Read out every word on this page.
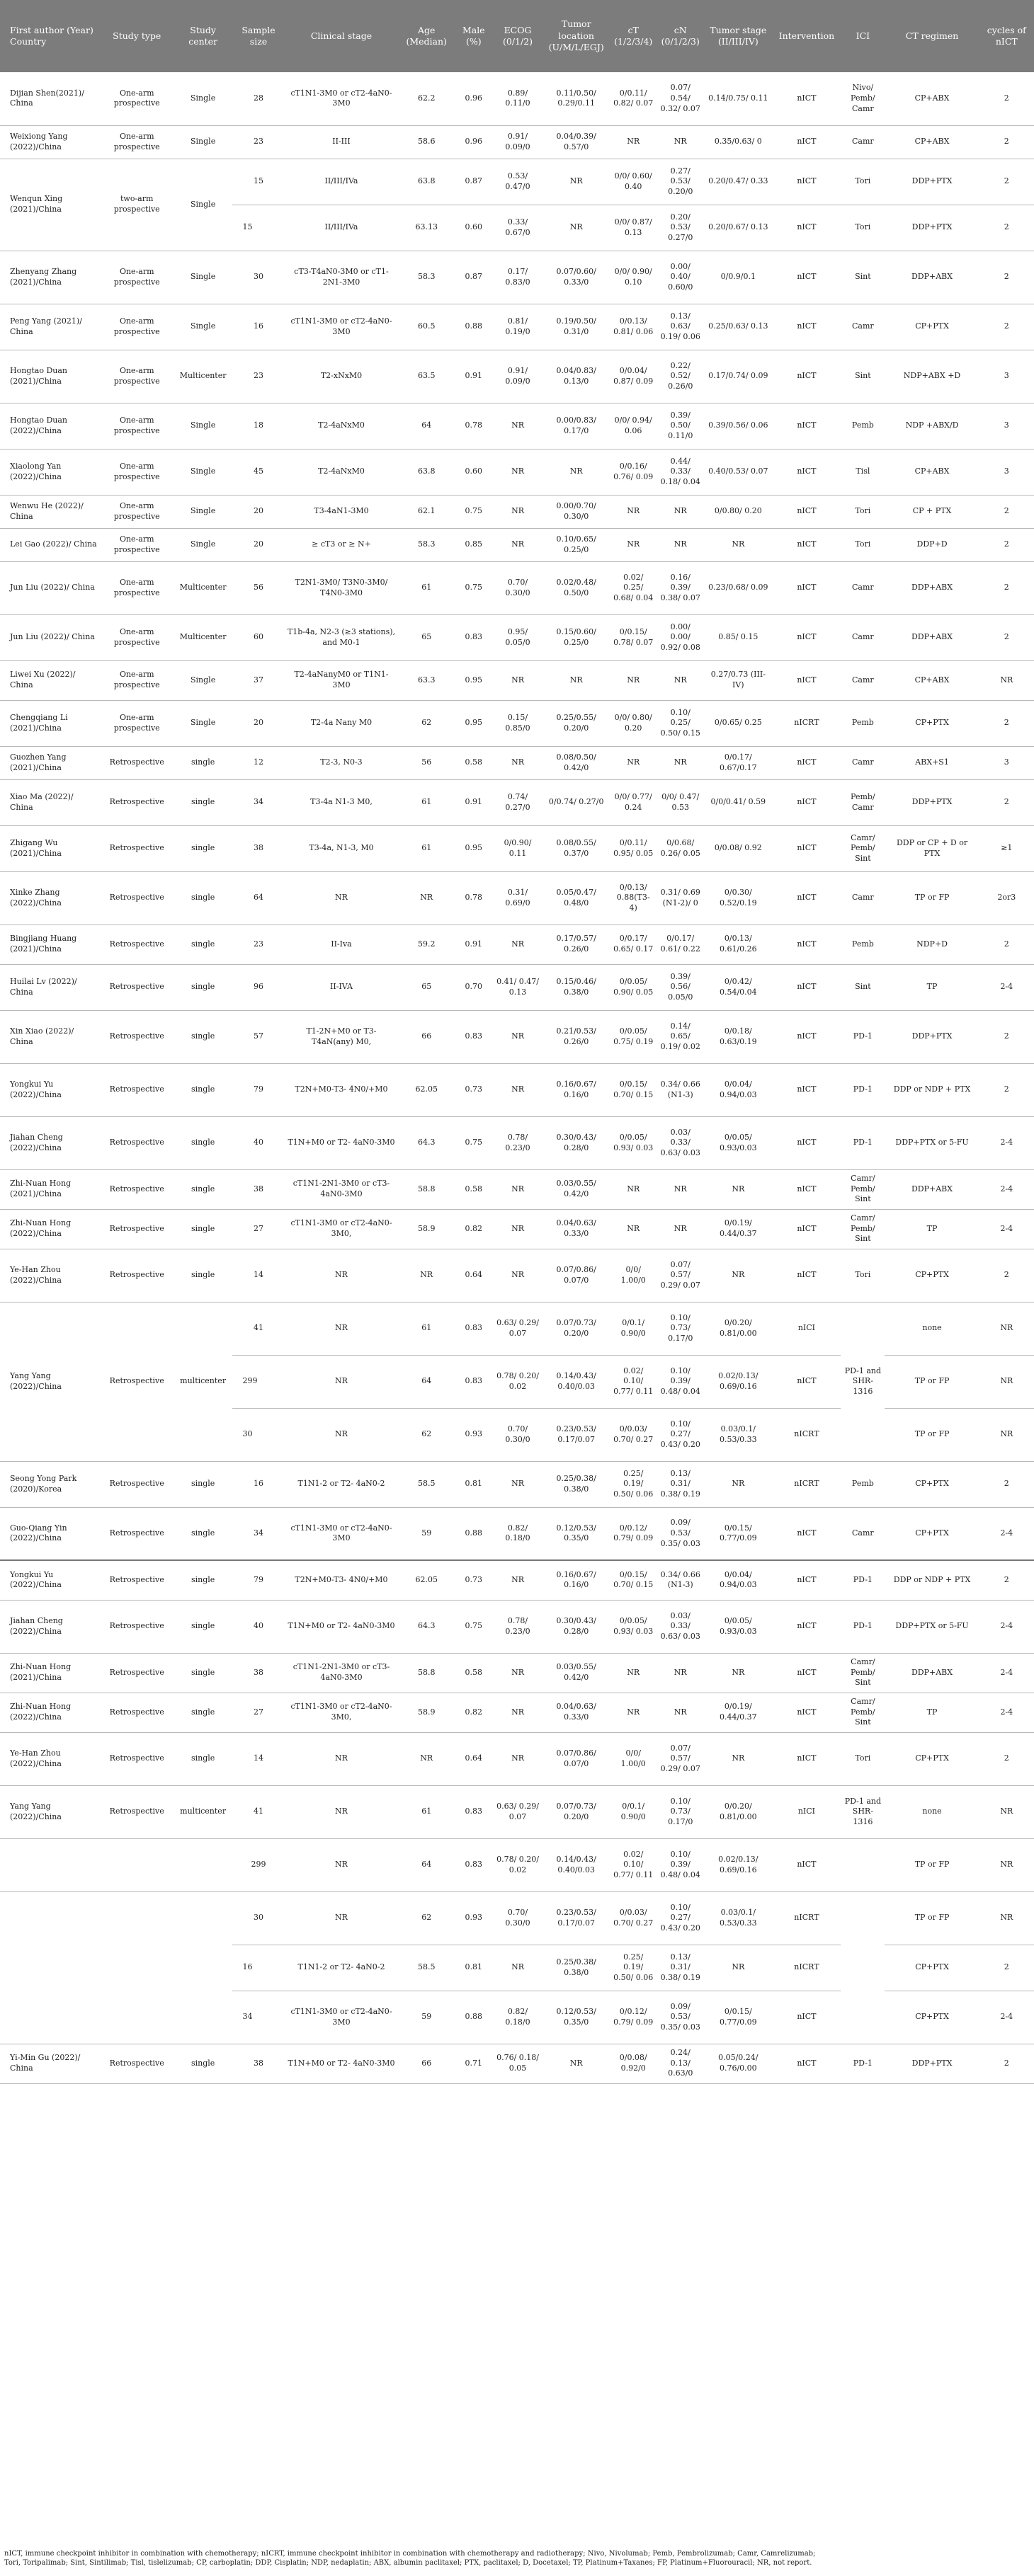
First author (Year) Country	Study type	Study center	Sample size	Clinical stage	Age (Median)	Male (%)	ECOG (0/1/2)	Tumor location (U/M/L/EGJ)	cT (1/2/3/4)	cN (0/1/2/3)	Tumor stage (II/III/IV)	Intervention	ICI	CT regimen	cycles of nICT
Dijian Shen(2021)/ China	One-arm prospective	Single	28	cT1N1-3M0 or cT2-4aN0-3M0	62.2	0.96	0.89/ 0.11/0	0.11/0.50/ 0.29/0.11	0/0.11/ 0.82/ 0.07	0.07/ 0.54/ 0.32/ 0.07	0.14/0.75/ 0.11	nICT	Nivo/ Pemb/ Camr	CP+ABX	2
Weixiong Yang (2022)/China	One-arm prospective	Single	23	II-III	58.6	0.96	0.91/ 0.09/0	0.04/0.39/ 0.57/0	NR	NR	0.35/0.63/ 0	nICT	Camr	CP+ABX	2
Wenqun Xing (2021)/China	two-arm prospective	Single	15	II/III/IVa	63.8	0.87	0.53/ 0.47/0	NR	0/0/ 0.60/ 0.40	0.27/ 0.53/ 0.20/0	0.20/0.47/ 0.33	nICT	Tori	DDP+PTX	2
			15	II/III/IVa	63.13	0.60	0.33/ 0.67/0	NR	0/0/ 0.87/ 0.13	0.20/ 0.53/ 0.27/0	0.20/0.67/ 0.13	nICT	Tori	DDP+PTX	2
Zhenyang Zhang (2021)/China	One-arm prospective	Single	30	cT3-T4aN0-3M0 or cT1-2N1-3M0	58.3	0.87	0.17/ 0.83/0	0.07/0.60/ 0.33/0	0/0/ 0.90/ 0.10	0.00/ 0.40/ 0.60/0	0/0.9/0.1	nICT	Sint	DDP+ABX	2
Peng Yang (2021)/ China	One-arm prospective	Single	16	cT1N1-3M0 or cT2-4aN0-3M0	60.5	0.88	0.81/ 0.19/0	0.19/0.50/ 0.31/0	0/0.13/ 0.81/ 0.06	0.13/ 0.63/ 0.19/ 0.06	0.25/0.63/ 0.13	nICT	Camr	CP+PTX	2
Hongtao Duan (2021)/China	One-arm prospective	Multicenter	23	T2-xNxM0	63.5	0.91	0.91/ 0.09/0	0.04/0.83/ 0.13/0	0/0.04/ 0.87/ 0.09	0.22/ 0.52/ 0.26/0	0.17/0.74/ 0.09	nICT	Sint	NDP+ABX +D	3
Hongtao Duan (2022)/China	One-arm prospective	Single	18	T2-4aNxM0	64	0.78	NR	0.00/0.83/ 0.17/0	0/0/ 0.94/ 0.06	0.39/ 0.50/ 0.11/0	0.39/0.56/ 0.06	nICT	Pemb	NDP +ABX/D	3
Xiaolong Yan (2022)/China	One-arm prospective	Single	45	T2-4aNxM0	63.8	0.60	NR	NR	0/0.16/ 0.76/ 0.09	0.44/ 0.33/ 0.18/ 0.04	0.40/0.53/ 0.07	nICT	Tisl	CP+ABX	3
Wenwu He (2022)/ China	One-arm prospective	Single	20	T3-4aN1-3M0	62.1	0.75	NR	0.00/0.70/ 0.30/0	NR	NR	0/0.80/ 0.20	nICT	Tori	CP + PTX	2
Lei Gao (2022)/ China	One-arm prospective	Single	20	≥ cT3 or ≥ N+	58.3	0.85	NR	0.10/0.65/ 0.25/0	NR	NR	NR	nICT	Tori	DDP+D	2
Jun Liu (2022)/ China	One-arm prospective	Multicenter	56	T2N1-3M0/ T3N0-3M0/ T4N0-3M0	61	0.75	0.70/ 0.30/0	0.02/0.48/ 0.50/0	0.02/ 0.25/ 0.68/ 0.04	0.16/ 0.39/ 0.38/ 0.07	0.23/0.68/ 0.09	nICT	Camr	DDP+ABX	2
Jun Liu (2022)/ China	One-arm prospective	Multicenter	60	T1b-4a, N2-3 (≥3 stations), and M0-1	65	0.83	0.95/ 0.05/0	0.15/0.60/ 0.25/0	0/0.15/ 0.78/ 0.07	0.00/ 0.00/ 0.92/ 0.08	0.85/ 0.15	nICT	Camr	DDP+ABX	2
Liwei Xu (2022)/ China	One-arm prospective	Single	37	T2-4aNanyM0 or T1N1-3M0	63.3	0.95	NR	NR	NR	NR	0.27/0.73 (III-IV)	nICT	Camr	CP+ABX	NR
Chengqiang Li (2021)/China	One-arm prospective	Single	20	T2-4a Nany M0	62	0.95	0.15/ 0.85/0	0.25/0.55/ 0.20/0	0/0/ 0.80/ 0.20	0.10/ 0.25/ 0.50/ 0.15	0/0.65/ 0.25	nICRT	Pemb	CP+PTX	2
Guozhen Yang (2021)/China	Retrospective	single	12	T2-3, N0-3	56	0.58	NR	0.08/0.50/ 0.42/0	NR	NR	0/0.17/ 0.67/0.17	nICT	Camr	ABX+S1	3
Xiao Ma (2022)/ China	Retrospective	single	34	T3-4a N1-3 M0,	61	0.91	0.74/ 0.27/0	0/0.74/ 0.27/0	0/0/ 0.77/ 0.24	0/0/ 0.47/ 0.53	0/0/0.41/ 0.59	nICT	Pemb/ Camr	DDP+PTX	2
Zhigang Wu (2021)/China	Retrospective	single	38	T3-4a, N1-3, M0	61	0.95	0/0.90/ 0.11	0.08/0.55/ 0.37/0	0/0.11/ 0.95/ 0.05	0/0.68/ 0.26/ 0.05	0/0.08/ 0.92	nICT	Camr/ Pemb/ Sint	DDP or CP + D or PTX	≥1
Xinke Zhang (2022)/China	Retrospective	single	64	NR	NR	0.78	0.31/ 0.69/0	0.05/0.47/ 0.48/0	0/0.13/ 0.88(T3- 4)	0.31/ 0.69 (N1-2)/ 0	0/0.30/ 0.52/0.19	nICT	Camr	TP or FP	2or3
Bingjiang Huang (2021)/China	Retrospective	single	23	II-Iva	59.2	0.91	NR	0.17/0.57/ 0.26/0	0/0.17/ 0.65/ 0.17	0/0.17/ 0.61/ 0.22	0/0.13/ 0.61/0.26	nICT	Pemb	NDP+D	2
Huilai Lv (2022)/ China	Retrospective	single	96	II-IVA	65	0.70	0.41/ 0.47/ 0.13	0.15/0.46/ 0.38/0	0/0.05/ 0.90/ 0.05	0.39/ 0.56/ 0.05/0	0/0.42/ 0.54/0.04	nICT	Sint	TP	2-4
Xin Xiao (2022)/ China	Retrospective	single	57	T1-2N+M0 or T3-T4aN(any) M0,	66	0.83	NR	0.21/0.53/ 0.26/0	0/0.05/ 0.75/ 0.19	0.14/ 0.65/ 0.19/ 0.02	0/0.18/ 0.63/0.19	nICT	PD-1	DDP+PTX	2
Yongkui Yu (2022)/China	Retrospective	single	79	T2N+M0-T3- 4N0/+M0	62.05	0.73	NR	0.16/0.67/ 0.16/0	0/0.15/ 0.70/ 0.15	0.34/ 0.66 (N1-3)	0/0.04/ 0.94/0.03	nICT	PD-1	DDP or NDP + PTX	2
Jiahan Cheng (2022)/China	Retrospective	single	40	T1N+M0 or T2- 4aN0-3M0	64.3	0.75	0.78/ 0.23/0	0.30/0.43/ 0.28/0	0/0.05/ 0.93/ 0.03	0.03/ 0.33/ 0.63/ 0.03	0/0.05/ 0.93/0.03	nICT	PD-1	DDP+PTX or 5-FU	2-4
Zhi-Nuan Hong (2021)/China	Retrospective	single	38	cT1N1-2N1-3M0 or cT3-4aN0-3M0	58.8	0.58	NR	0.03/0.55/ 0.42/0	NR	NR	NR	nICT	Camr/ Pemb/ Sint	DDP+ABX	2-4
Zhi-Nuan Hong (2022)/China	Retrospective	single	27	cT1N1-3M0 or cT2-4aN0-3M0,	58.9	0.82	NR	0.04/0.63/ 0.33/0	NR	NR	0/0.19/ 0.44/0.37	nICT	Camr/ Pemb/ Sint	TP	2-4
Ye-Han Zhou (2022)/China	Retrospective	single	14	NR	NR	0.64	NR	0.07/0.86/ 0.07/0	0/0/ 1.00/0	0.07/ 0.57/ 0.29/ 0.07	NR	nICT	Tori	CP+PTX	2
Yang Yang (2022)/China	Retrospective	multicenter	41	NR	61	0.83	0.63/ 0.29/ 0.07	0.07/0.73/ 0.20/0	0/0.1/ 0.90/0	0.10/ 0.73/ 0.17/0	0/0.20/ 0.81/0.00	nICI	PD-1 and SHR- 1316	none	NR
			299	NR	64	0.83	0.78/ 0.20/ 0.02	0.14/0.43/ 0.40/0.03	0.02/ 0.10/ 0.77/ 0.11	0.10/ 0.39/ 0.48/ 0.04	0.02/0.13/ 0.69/0.16	nICT		TP or FP	NR
			30	NR	62	0.93	0.70/ 0.30/0	0.23/0.53/ 0.17/0.07	0/0.03/ 0.70/ 0.27	0.10/ 0.27/ 0.43/ 0.20	0.03/0.1/ 0.53/0.33	nICRT		TP or FP	NR
Seong Yong Park (2020)/Korea	Retrospective	single	16	T1N1-2 or T2- 4aN0-2	58.5	0.81	NR	0.25/0.38/ 0.38/0	0.25/ 0.19/ 0.50/ 0.06	0.13/ 0.31/ 0.38/ 0.19	NR	nICRT	Pemb	CP+PTX	2
Guo-Qiang Yin (2022)/China	Retrospective	single	34	cT1N1-3M0 or cT2-4aN0-3M0	59	0.88	0.82/ 0.18/0	0.12/0.53/ 0.35/0	0/0.12/ 0.79/ 0.09	0.09/ 0.53/ 0.35/ 0.03	0/0.15/ 0.77/0.09	nICT	Camr	CP+PTX	2-4
Yongkui Yu (2022)/China	Retrospective	single	79	T2N+M0-T3- 4N0/+M0	62.05	0.73	NR	0.16/0.67/ 0.16/0	0/0.15/ 0.70/ 0.15	0.34/ 0.66 (N1-3)	0/0.04/ 0.94/0.03	nICT	PD-1	DDP or NDP + PTX	2
Jiahan Cheng (2022)/China	Retrospective	single	40	T1N+M0 or T2- 4aN0-3M0	64.3	0.75	0.78/ 0.23/0	0.30/0.43/ 0.28/0	0/0.05/ 0.93/ 0.03	0.03/ 0.33/ 0.63/ 0.03	0/0.05/ 0.93/0.03	nICT	PD-1	DDP+PTX or 5-FU	2-4
Zhi-Nuan Hong (2021)/China	Retrospective	single	38	cT1N1-2N1-3M0 or cT3-4aN0-3M0	58.8	0.58	NR	0.03/0.55/ 0.42/0	NR	NR	NR	nICT	Camr/ Pemb/ Sint	DDP+ABX	2-4
Zhi-Nuan Hong (2022)/China	Retrospective	single	27	cT1N1-3M0 or cT2-4aN0-3M0,	58.9	0.82	NR	0.04/0.63/ 0.33/0	NR	NR	0/0.19/ 0.44/0.37	nICT	Camr/ Pemb/ Sint	TP	2-4
Ye-Han Zhou (2022)/China	Retrospective	single	14	NR	NR	0.64	NR	0.07/0.86/ 0.07/0	0/0/ 1.00/0	0.07/ 0.57/ 0.29/ 0.07	NR	nICT	Tori	CP+PTX	2
Yang Yang (2022)/China	Retrospective	multicenter	41	NR	61	0.83	0.63/ 0.29/ 0.07	0.07/0.73/ 0.20/0	0/0.1/ 0.90/0	0.10/ 0.73/ 0.17/0	0/0.20/ 0.81/0.00	nICI	PD-1 and SHR- 1316	none	NR
			299	NR	64	0.83	0.78/ 0.20/ 0.02	0.14/0.43/ 0.40/0.03	0.02/ 0.10/ 0.77/ 0.11	0.10/ 0.39/ 0.48/ 0.04	0.02/0.13/ 0.69/0.16	nICT		TP or FP	NR
			30	NR	62	0.93	0.70/ 0.30/0	0.23/0.53/ 0.17/0.07	0/0.03/ 0.70/ 0.27	0.10/ 0.27/ 0.43/ 0.20	0.03/0.1/ 0.53/0.33	nICRT		TP or FP	NR
			16	T1N1-2 or T2- 4aN0-2	58.5	0.81	NR	0.25/0.38/ 0.38/0	0.25/ 0.19/ 0.50/ 0.06	0.13/ 0.31/ 0.38/ 0.19	NR	nICRT		CP+PTX	2
			34	cT1N1-3M0 or cT2-4aN0-3M0	59	0.88	0.82/ 0.18/0	0.12/0.53/ 0.35/0	0/0.12/ 0.79/ 0.09	0.09/ 0.53/ 0.35/ 0.03	0/0.15/ 0.77/0.09	nICT		CP+PTX	2-4
Yi-Min Gu (2022)/ China	Retrospective	single	38	T1N+M0 or T2- 4aN0-3M0	66	0.71	0.76/ 0.18/ 0.05	NR	0/0.08/ 0.92/0	0.24/ 0.13/ 0.63/0	0.05/0.24/ 0.76/0.00	nICT	PD-1	DDP+PTX	2
nICT, immune checkpoint inhibitor in combination with chemotherapy; nICRT, immune checkpoint inhibitor in combination with chemotherapy and radiotherapy; Nivo, Nivolumab; Pemb, Pembrolizumab; Camr, Camrelizumab;
Tori, Toripalimab; Sint, Sintilimab; Tisl, tislelizumab; CP, carboplatin; DDP, Cisplatin; NDP, nedaplatin; ABX, albumin paclitaxel; PTX, paclitaxel; D, Docetaxel; TP, Platinum+Taxanes; FP, Platinum+Fluorouracil; NR, not report.
